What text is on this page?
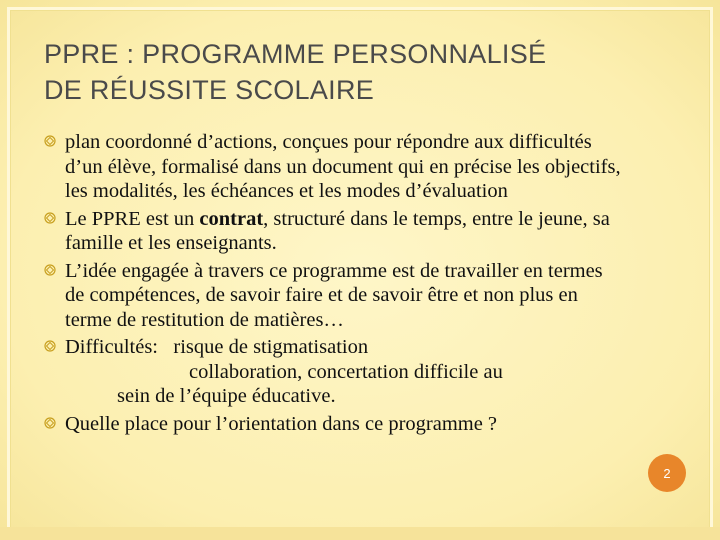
PPRE : PROGRAMME PERSONNALISÉ
DE RÉUSSITE SCOLAIRE
plan coordonné d’actions, conçues pour répondre aux difficultés d’un élève, formalisé dans un document qui en précise les objectifs, les modalités, les échéances et les modes d’évaluation
Le PPRE est un contrat, structuré dans le temps, entre le jeune, sa famille et les enseignants.
L’idée engagée à travers ce programme est de travailler en termes de compétences, de savoir faire et de savoir être et non plus en terme de restitution de matières…
Difficultés:   risque de stigmatisation
collaboration, concertation difficile au
sein de l’équipe éducative.
Quelle place pour l’orientation dans ce programme ?
2
